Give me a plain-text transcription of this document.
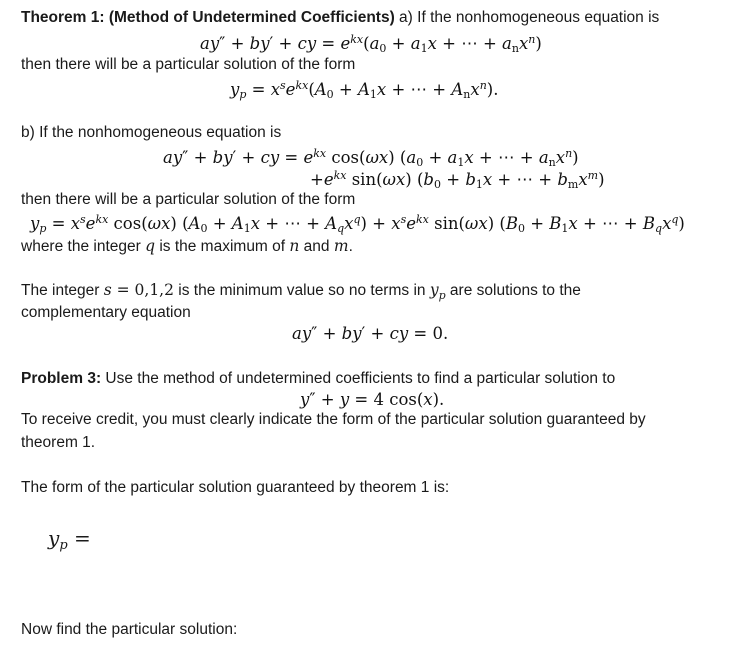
Theorem 1: (Method of Undetermined Coefficients) a) If the nonhomogeneous equation is
ay″ + by′ + cy = $e^{kx}(a_0 + a_1x$ + ⋯ + $a_nx^n$)
then there will be a particular solution of the form
$y_p = x^se^{kx}(A_0 + A_1x$ + ⋯ + $A_nx^n$).
b) If the nonhomogeneous equation is
ay″ + by′ + cy = $e^{kx}$ cos(ωx) ($a_0 + a_1x$ + ⋯ + $a_nx^n$)
$+e^{kx}$ sin(ωx) ($b_0 + b_1x$ + ⋯ + $b_mx^m$)
then there will be a particular solution of the form
$y_p = x^se^{kx}$ cos(ωx) ($A_0 + A_1x$ + ⋯ + $A_qx^q) + x^se^{kx}$ sin(ωx) ($B_0 + B_1x$ + ⋯ + $B_qx^q$)
where the integer q is the maximum of n and m.
The integer s = 0,1,2 is the minimum value so no terms in $y_p$ are solutions to the
complementary equation
ay″ + by′ + cy = 0.
Problem 3: Use the method of undetermined coefficients to find a particular solution to
y″ + y = 4 cos(x).
To receive credit, you must clearly indicate the form of the particular solution guaranteed by
theorem 1.
The form of the particular solution guaranteed by theorem 1 is:
$y_p$ =
Now find the particular solution:
